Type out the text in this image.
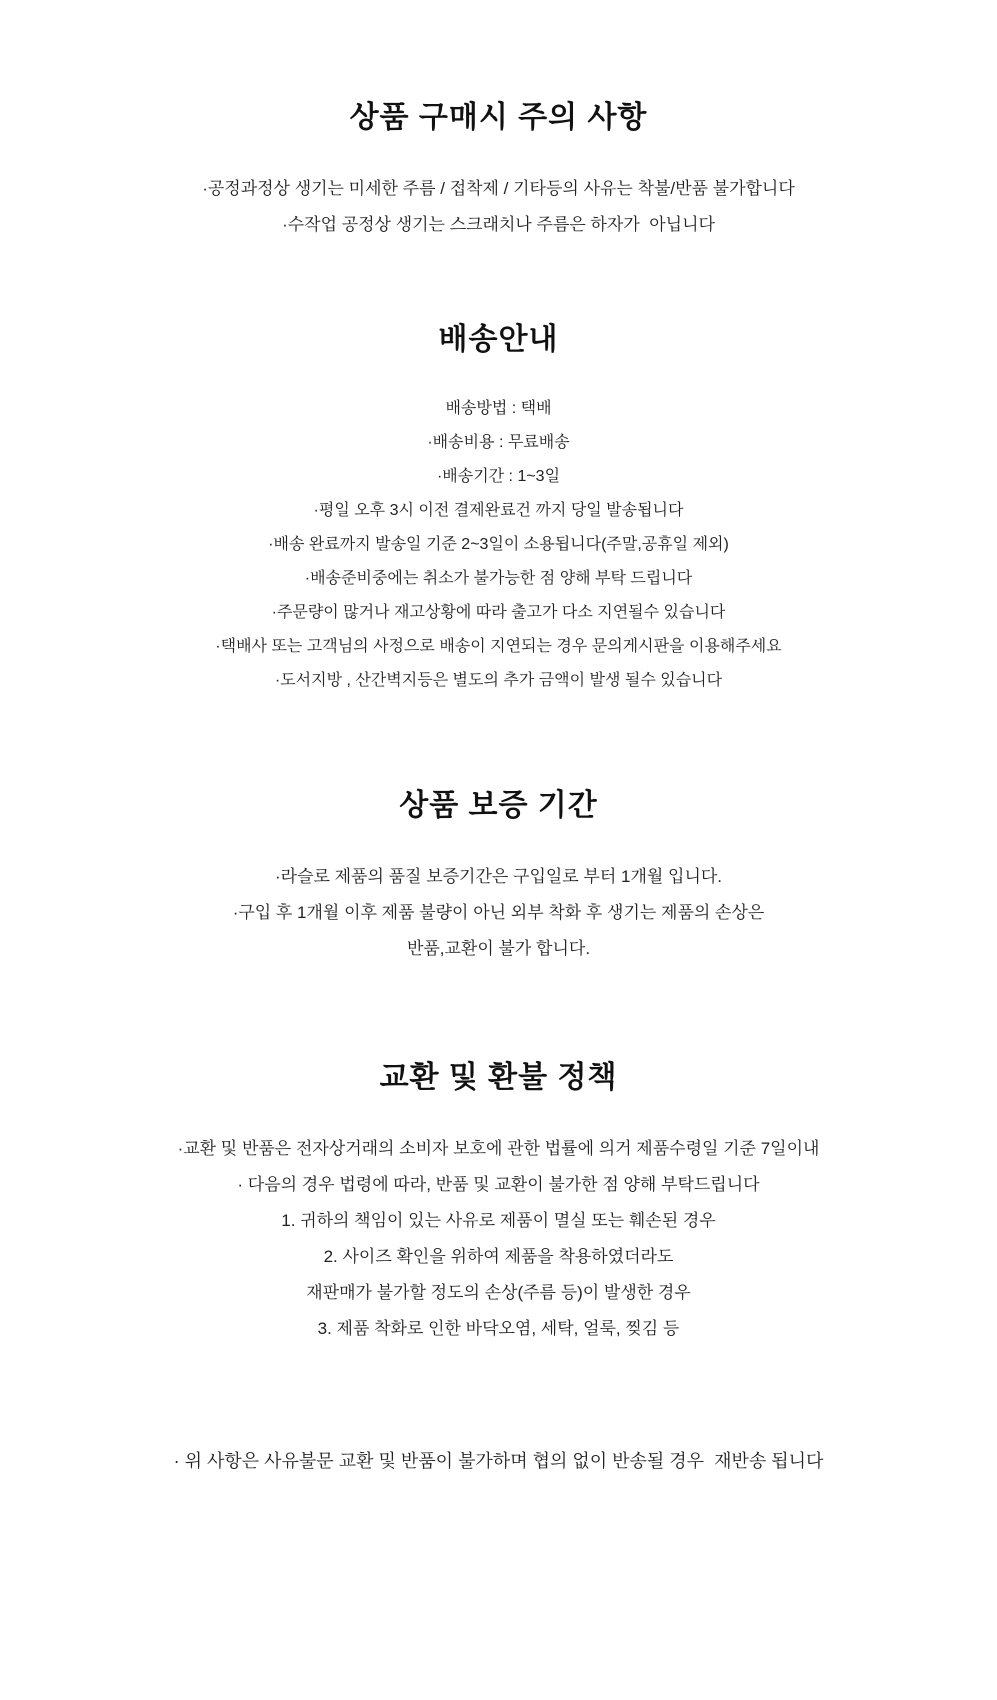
상품 구매시 주의 사항
·공정과정상 생기는 미세한 주름 / 접착제 / 기타등의 사유는 착불/반품 불가합니다
·수작업 공정상 생기는 스크래치나 주름은 하자가  아닙니다
배송안내
배송방법 : 택배
·배송비용 : 무료배송
·배송기간 : 1~3일
·평일 오후 3시 이전 결제완료건 까지 당일 발송됩니다
·배송 완료까지 발송일 기준 2~3일이 소용됩니다(주말,공휴일 제외)
·배송준비중에는 취소가 불가능한 점 양해 부탁 드립니다
·주문량이 많거나 재고상황에 따라 출고가 다소 지연될수 있습니다
·택배사 또는 고객님의 사정으로 배송이 지연되는 경우 문의게시판을 이용해주세요
·도서지방 , 산간벽지등은 별도의 추가 금액이 발생 될수 있습니다
상품 보증 기간
·라슬로 제품의 품질 보증기간은 구입일로 부터 1개월 입니다.
·구입 후 1개월 이후 제품 불량이 아닌 외부 착화 후 생기는 제품의 손상은
반품,교환이 불가 합니다.
교환 및 환불 정책
·교환 및 반품은 전자상거래의 소비자 보호에 관한 법률에 의거 제품수령일 기준 7일이내
· 다음의 경우 법령에 따라, 반품 및 교환이 불가한 점 양해 부탁드립니다
1. 귀하의 책임이 있는 사유로 제품이 멸실 또는 훼손된 경우
2. 사이즈 확인을 위하여 제품을 착용하였더라도
재판매가 불가할 정도의 손상(주름 등)이 발생한 경우
3. 제품 착화로 인한 바닥오염, 세탁, 얼룩, 찢김 등
· 위 사항은 사유불문 교환 및 반품이 불가하며 협의 없이 반송될 경우  재반송 됩니다
